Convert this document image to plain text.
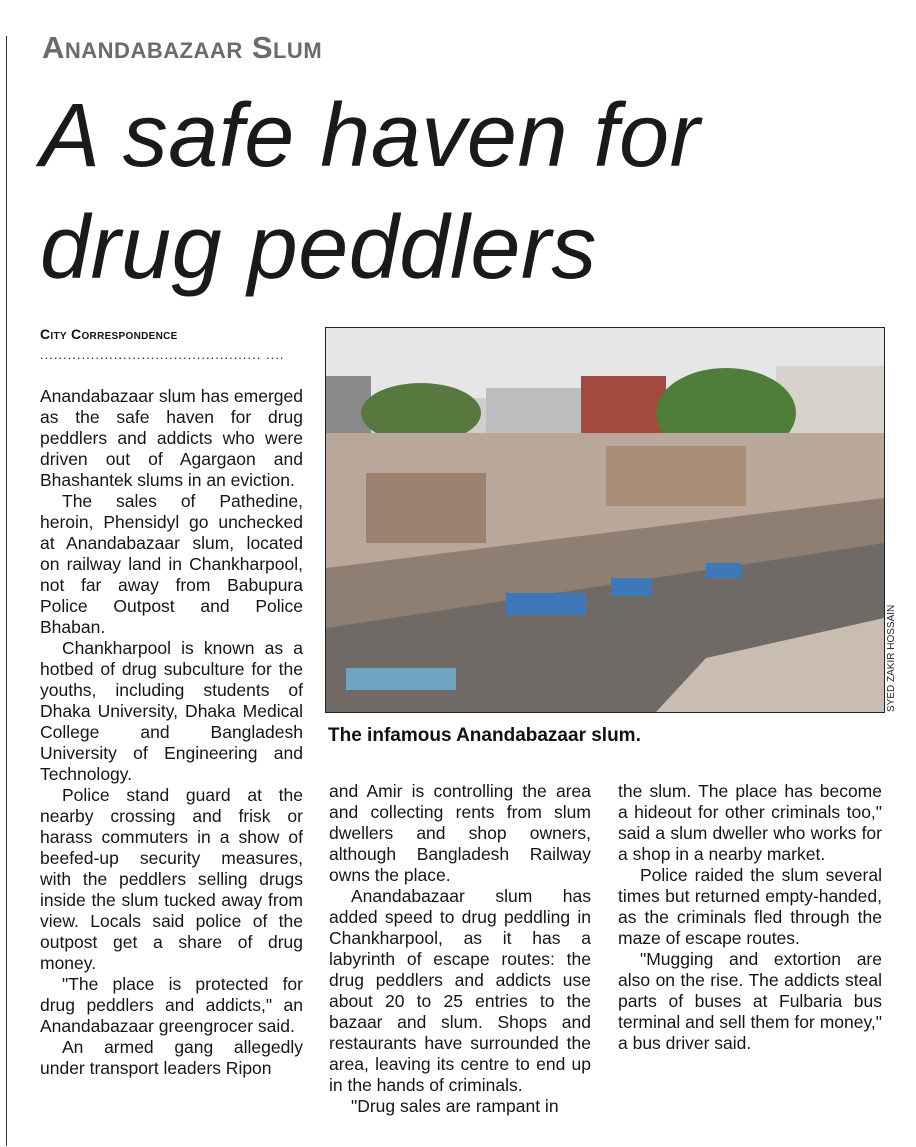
Anandabazaar Slum
A safe haven for drug peddlers
City Correspondence
................................................ ....

Anandabazaar slum has emerged as the safe haven for drug peddlers and addicts who were driven out of Agargaon and Bhashantek slums in an eviction.

The sales of Pathedine, heroin, Phensidyl go unchecked at Anandabazaar slum, located on railway land in Chankharpool, not far away from Babupura Police Outpost and Police Bhaban.

Chankharpool is known as a hotbed of drug subculture for the youths, including students of Dhaka University, Dhaka Medical College and Bangladesh University of Engineering and Technology.

Police stand guard at the nearby crossing and frisk or harass commuters in a show of beefed-up security measures, with the peddlers selling drugs inside the slum tucked away from view. Locals said police of the outpost get a share of drug money.

"The place is protected for drug peddlers and addicts," an Anandabazaar greengrocer said.

An armed gang allegedly under transport leaders Ripon

SYED ZAKIR HOSSAIN
The infamous Anandabazaar slum.

and Amir is controlling the area and collecting rents from slum dwellers and shop owners, although Bangladesh Railway owns the place.

Anandabazaar slum has added speed to drug peddling in Chankharpool, as it has a labyrinth of escape routes: the drug peddlers and addicts use about 20 to 25 entries to the bazaar and slum. Shops and restaurants have surrounded the area, leaving its centre to end up in the hands of criminals.

"Drug sales are rampant in

the slum. The place has become a hideout for other criminals too," said a slum dweller who works for a shop in a nearby market.

Police raided the slum several times but returned empty-handed, as the criminals fled through the maze of escape routes.

"Mugging and extortion are also on the rise. The addicts steal parts of buses at Fulbaria bus terminal and sell them for money," a bus driver said.
